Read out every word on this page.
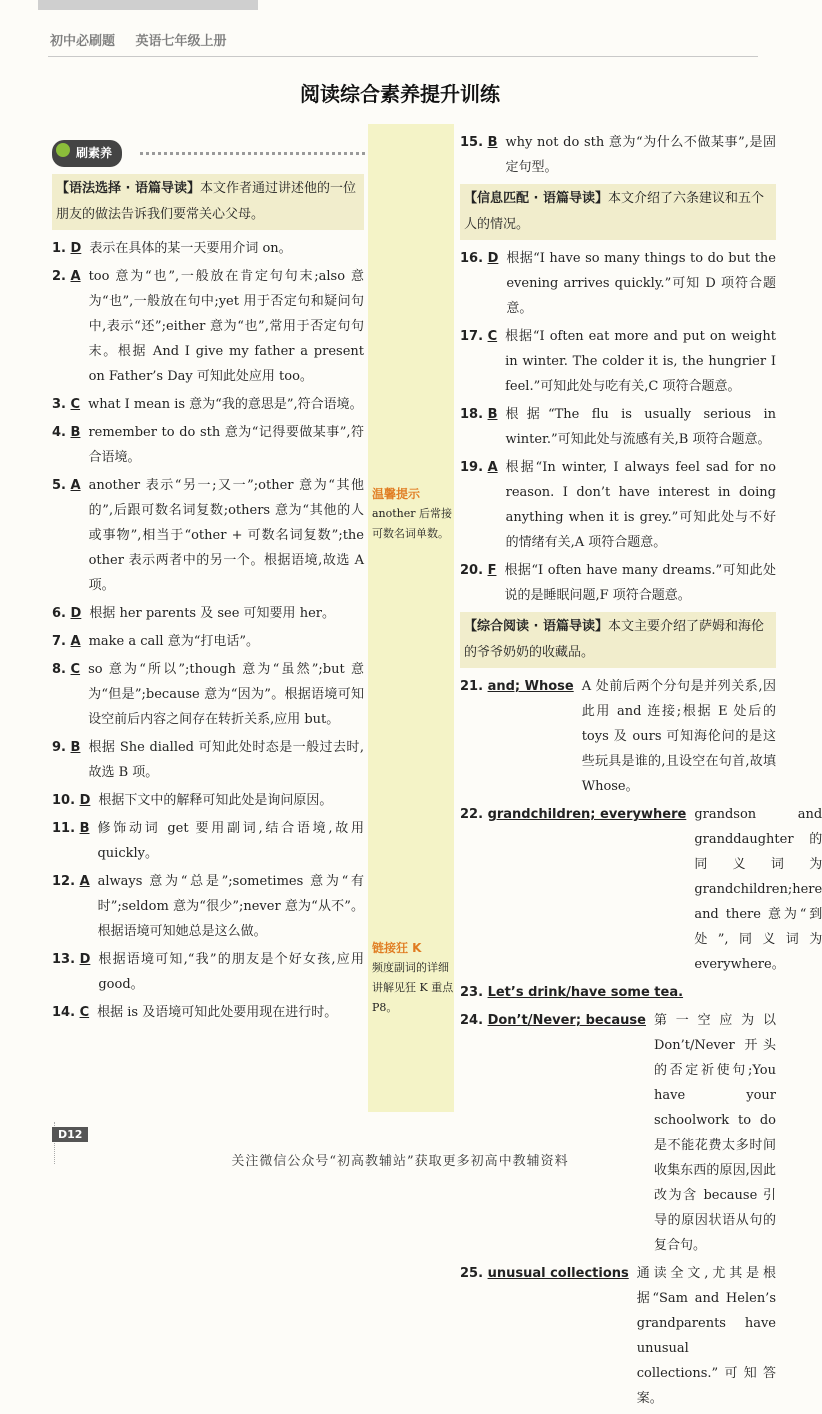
初中必刷题 英语七年级上册
阅读综合素养提升训练
刷素养
【语法选择 · 语篇导读】本文作者通过讲述他的一位朋友的做法告诉我们要常关心父母。
1. D 表示在具体的某一天要用介词 on。
2. A too 意为“也”,一般放在肯定句句末;also 意为“也”,一般放在句中;yet 用于否定句和疑问句中,表示“还”;either 意为“也”,常用于否定句句末。根据 And I give my father a present on Father’s Day 可知此处应用 too。
3. C what I mean is 意为“我的意思是”,符合语境。
4. B remember to do sth 意为“记得要做某事”,符合语境。
5. A another 表示“另一;又一”;other 意为“其他的”,后跟可数名词复数;others 意为“其他的人或事物”,相当于“other + 可数名词复数”;the other 表示两者中的另一个。根据语境,故选 A 项。
6. D 根据 her parents 及 see 可知要用 her。
7. A make a call 意为“打电话”。
8. C so 意为“所以”;though 意为“虽然”;but 意为“但是”;because 意为“因为”。根据语境可知设空前后内容之间存在转折关系,应用 but。
9. B 根据 She dialled 可知此处时态是一般过去时,故选 B 项。
10. D 根据下文中的解释可知此处是询问原因。
11. B 修饰动词 get 要用副词,结合语境,故用 quickly。
12. A always 意为“总是”;sometimes 意为“有时”;seldom 意为“很少”;never 意为“从不”。根据语境可知她总是这么做。
13. D 根据语境可知,“我”的朋友是个好女孩,应用 good。
14. C 根据 is 及语境可知此处要用现在进行时。
温馨提示
another 后常接可数名词单数。
链接狂 K
频度副词的详细讲解见狂 K 重点 P8。
15. B why not do sth 意为“为什么不做某事”,是固定句型。
【信息匹配 · 语篇导读】本文介绍了六条建议和五个人的情况。
16. D 根据“I have so many things to do but the evening arrives quickly.”可知 D 项符合题意。
17. C 根据“I often eat more and put on weight in winter. The colder it is, the hungrier I feel.”可知此处与吃有关,C 项符合题意。
18. B 根据“The flu is usually serious in winter.”可知此处与流感有关,B 项符合题意。
19. A 根据“In winter, I always feel sad for no reason. I don’t have interest in doing anything when it is grey.”可知此处与不好的情绪有关,A 项符合题意。
20. F 根据“I often have many dreams.”可知此处说的是睡眠问题,F 项符合题意。
【综合阅读 · 语篇导读】本文主要介绍了萨姆和海伦的爷爷奶奶的收藏品。
21. and; Whose A 处前后两个分句是并列关系,因此用 and 连接;根据 E 处后的 toys 及 ours 可知海伦问的是这些玩具是谁的,且设空在句首,故填 Whose。
22. grandchildren; everywhere grandson and granddaughter 的同义词为 grandchildren;here and there 意为“到处”,同义词为 everywhere。
23. Let’s drink/have some tea.
24. Don’t/Never; because 第一空应为以 Don’t/Never 开头的否定祈使句;You have your schoolwork to do 是不能花费太多时间收集东西的原因,因此改为含 because 引导的原因状语从句的复合句。
25. unusual collections 通读全文,尤其是根据“Sam and Helen’s grandparents have unusual collections.”可知答案。
D12
关注微信公众号“初高教辅站”获取更多初高中教辅资料
